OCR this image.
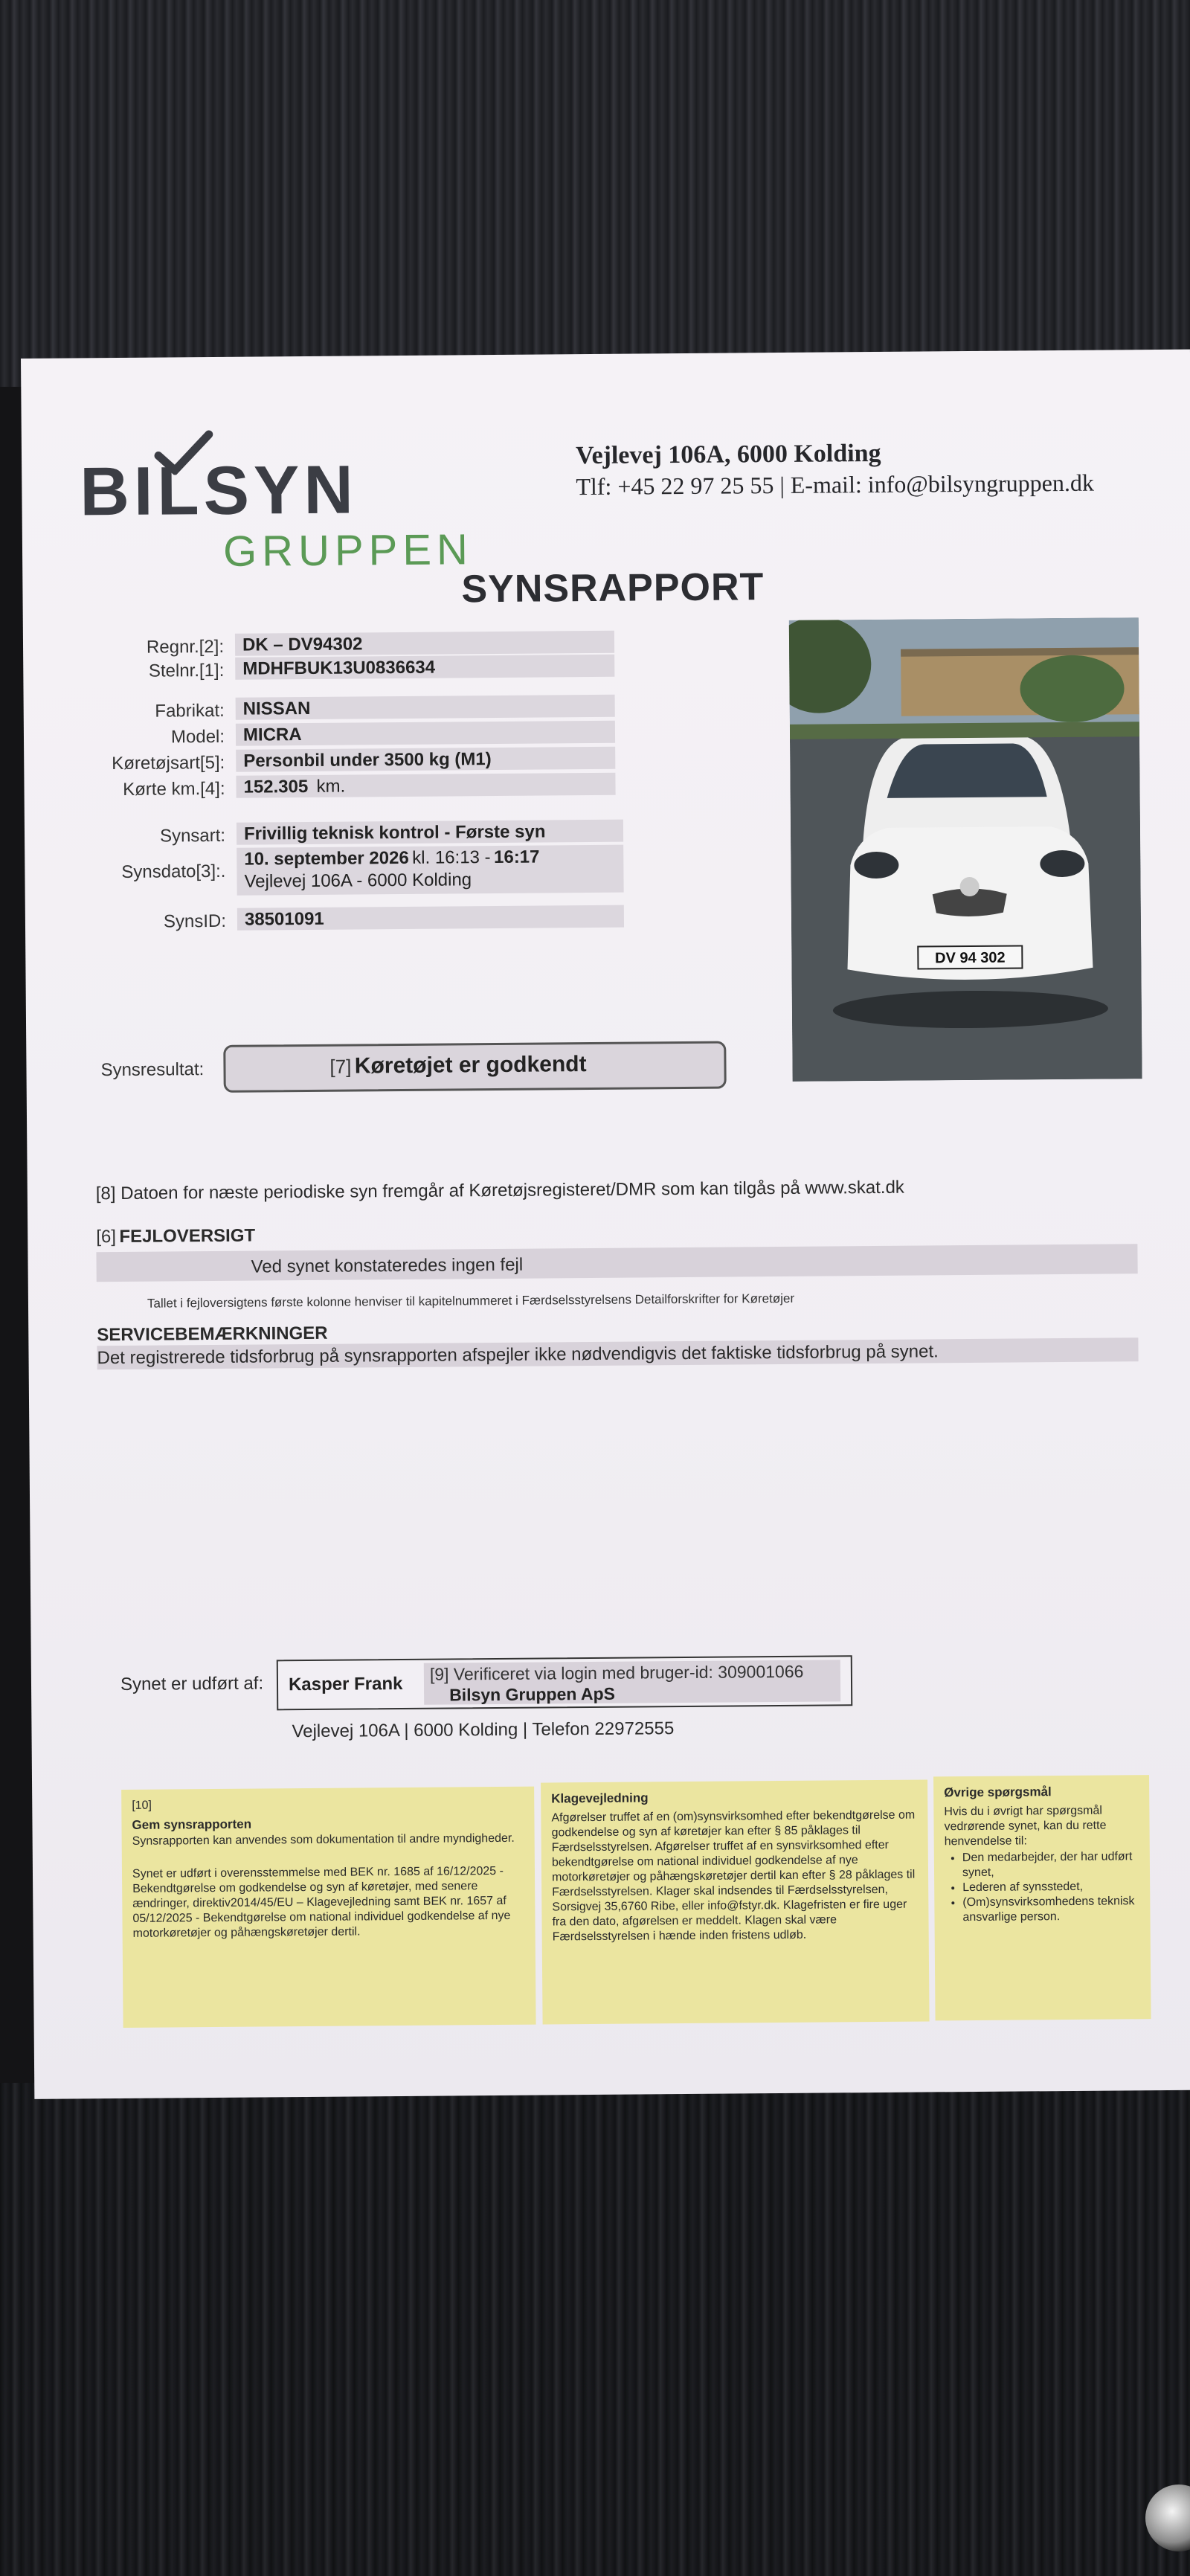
BILSYN
GRUPPEN
Vejlevej 106A, 6000 Kolding
Tlf: +45 22 97 25 55 | E-mail: info@bilsyngruppen.dk
SYNSRAPPORT
Regnr.[2]: DK – DV94302
Stelnr.[1]: MDHFBUK13U0836634
Fabrikat: NISSAN
Model: MICRA
Køretøjsart[5]: Personbil under 3500 kg (M1)
Kørte km.[4]: 152.305 km.
Synsart: Frivillig teknisk kontrol - Første syn
Synsdato[3]:.
10. september 2026 kl. 16:13 - 16:17
Vejlevej 106A - 6000 Kolding
SynsID: 38501091
DV 94 302
Synsresultat:	[7] Køretøjet er godkendt
[8] Datoen for næste periodiske syn fremgår af Køretøjsregisteret/DMR som kan tilgås på www.skat.dk
[6] FEJLOVERSIGT
Ved synet konstateredes ingen fejl
Tallet i fejloversigtens første kolonne henviser til kapitelnummeret i Færdselsstyrelsens Detailforskrifter for Køretøjer
SERVICEBEMÆRKNINGER
Det registrerede tidsforbrug på synsrapporten afspejler ikke nødvendigvis det faktiske tidsforbrug på synet.
Synet er udført af: Kasper Frank
[9] Verificeret via login med bruger-id: 309001066
Bilsyn Gruppen ApS
Vejlevej 106A | 6000 Kolding | Telefon 22972555
[10]
Gem synsrapporten
Synsrapporten kan anvendes som dokumentation til andre myndigheder.
Synet er udført i overensstemmelse med BEK nr. 1685 af 16/12/2025 - Bekendtgørelse om godkendelse og syn af køretøjer, med senere ændringer, direktiv2014/45/EU – Klagevejledning samt BEK nr. 1657 af 05/12/2025 - Bekendtgørelse om national individuel godkendelse af nye motorkøretøjer og påhængskøretøjer dertil.
Klagevejledning
Afgørelser truffet af en (om)synsvirksomhed efter bekendtgørelse om godkendelse og syn af køretøjer kan efter § 85 påklages til Færdselsstyrelsen. Afgørelser truffet af en synsvirksomhed efter bekendtgørelse om national individuel godkendelse af nye motorkøretøjer og påhængskøretøjer dertil kan efter § 28 påklages til Færdselsstyrelsen. Klager skal indsendes til Færdselsstyrelsen, Sorsigvej 35,6760 Ribe, eller info@fstyr.dk. Klagefristen er fire uger fra den dato, afgørelsen er meddelt. Klagen skal være Færdselsstyrelsen i hænde inden fristens udløb.
Øvrige spørgsmål
Hvis du i øvrigt har spørgsmål vedrørende synet, kan du rette henvendelse til:
• Den medarbejder, der har udført synet,
• Lederen af synsstedet,
• (Om)synsvirksomhedens teknisk ansvarlige person.
